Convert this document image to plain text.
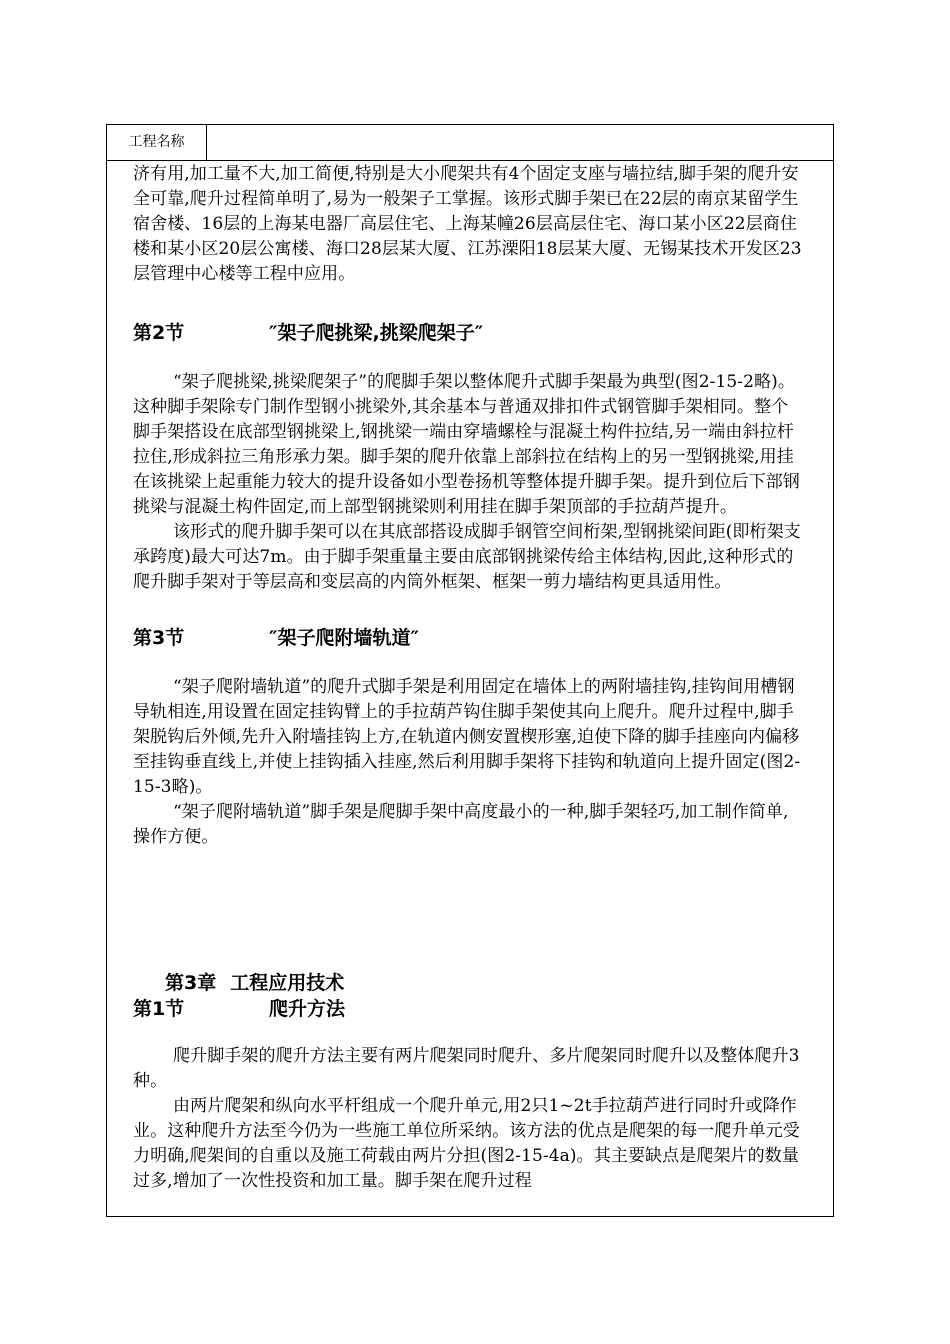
工程名称

济有用,加工量不大,加工简便,特别是大小爬架共有4个固定支座与墙拉结,脚手架的爬升安全可靠,爬升过程简单明了,易为一般架子工掌握。该形式脚手架已在22层的南京某留学生宿舍楼、16层的上海某电器厂高层住宅、上海某幢26层高层住宅、海口某小区22层商住楼和某小区20层公寓楼、海口28层某大厦、江苏溧阳18层某大厦、无锡某技术开发区23层管理中心楼等工程中应用。

第2节	″架子爬挑梁,挑梁爬架子″

“架子爬挑梁,挑梁爬架子”的爬脚手架以整体爬升式脚手架最为典型(图2-15-2略)。这种脚手架除专门制作型钢小挑梁外,其余基本与普通双排扣件式钢管脚手架相同。整个脚手架搭设在底部型钢挑梁上,钢挑梁一端由穿墙螺栓与混凝土构件拉结,另一端由斜拉杆拉住,形成斜拉三角形承力架。脚手架的爬升依靠上部斜拉在结构上的另一型钢挑梁,用挂在该挑梁上起重能力较大的提升设备如小型卷扬机等整体提升脚手架。提升到位后下部钢挑梁与混凝土构件固定,而上部型钢挑梁则利用挂在脚手架顶部的手拉葫芦提升。

该形式的爬升脚手架可以在其底部搭设成脚手钢管空间桁架,型钢挑梁间距(即桁架支承跨度)最大可达7m。由于脚手架重量主要由底部钢挑梁传给主体结构,因此,这种形式的爬升脚手架对于等层高和变层高的内筒外框架、框架一剪力墙结构更具适用性。

第3节	″架子爬附墙轨道″

“架子爬附墙轨道”的爬升式脚手架是利用固定在墙体上的两附墙挂钩,挂钩间用槽钢导轨相连,用设置在固定挂钩臂上的手拉葫芦钩住脚手架使其向上爬升。爬升过程中,脚手架脱钩后外倾,先升入附墙挂钩上方,在轨道内侧安置楔形塞,迫使下降的脚手挂座向内偏移至挂钩垂直线上,并使上挂钩插入挂座,然后利用脚手架将下挂钩和轨道向上提升固定(图2-15-3略)。

“架子爬附墙轨道”脚手架是爬脚手架中高度最小的一种,脚手架轻巧,加工制作简单,操作方便。

第3章 工程应用技术
第1节	爬升方法

爬升脚手架的爬升方法主要有两片爬架同时爬升、多片爬架同时爬升以及整体爬升3种。

由两片爬架和纵向水平杆组成一个爬升单元,用2只1~2t手拉葫芦进行同时升或降作业。这种爬升方法至今仍为一些施工单位所采纳。该方法的优点是爬架的每一爬升单元受力明确,爬架间的自重以及施工荷载由两片分担(图2-15-4a)。其主要缺点是爬架片的数量过多,增加了一次性投资和加工量。脚手架在爬升过程
